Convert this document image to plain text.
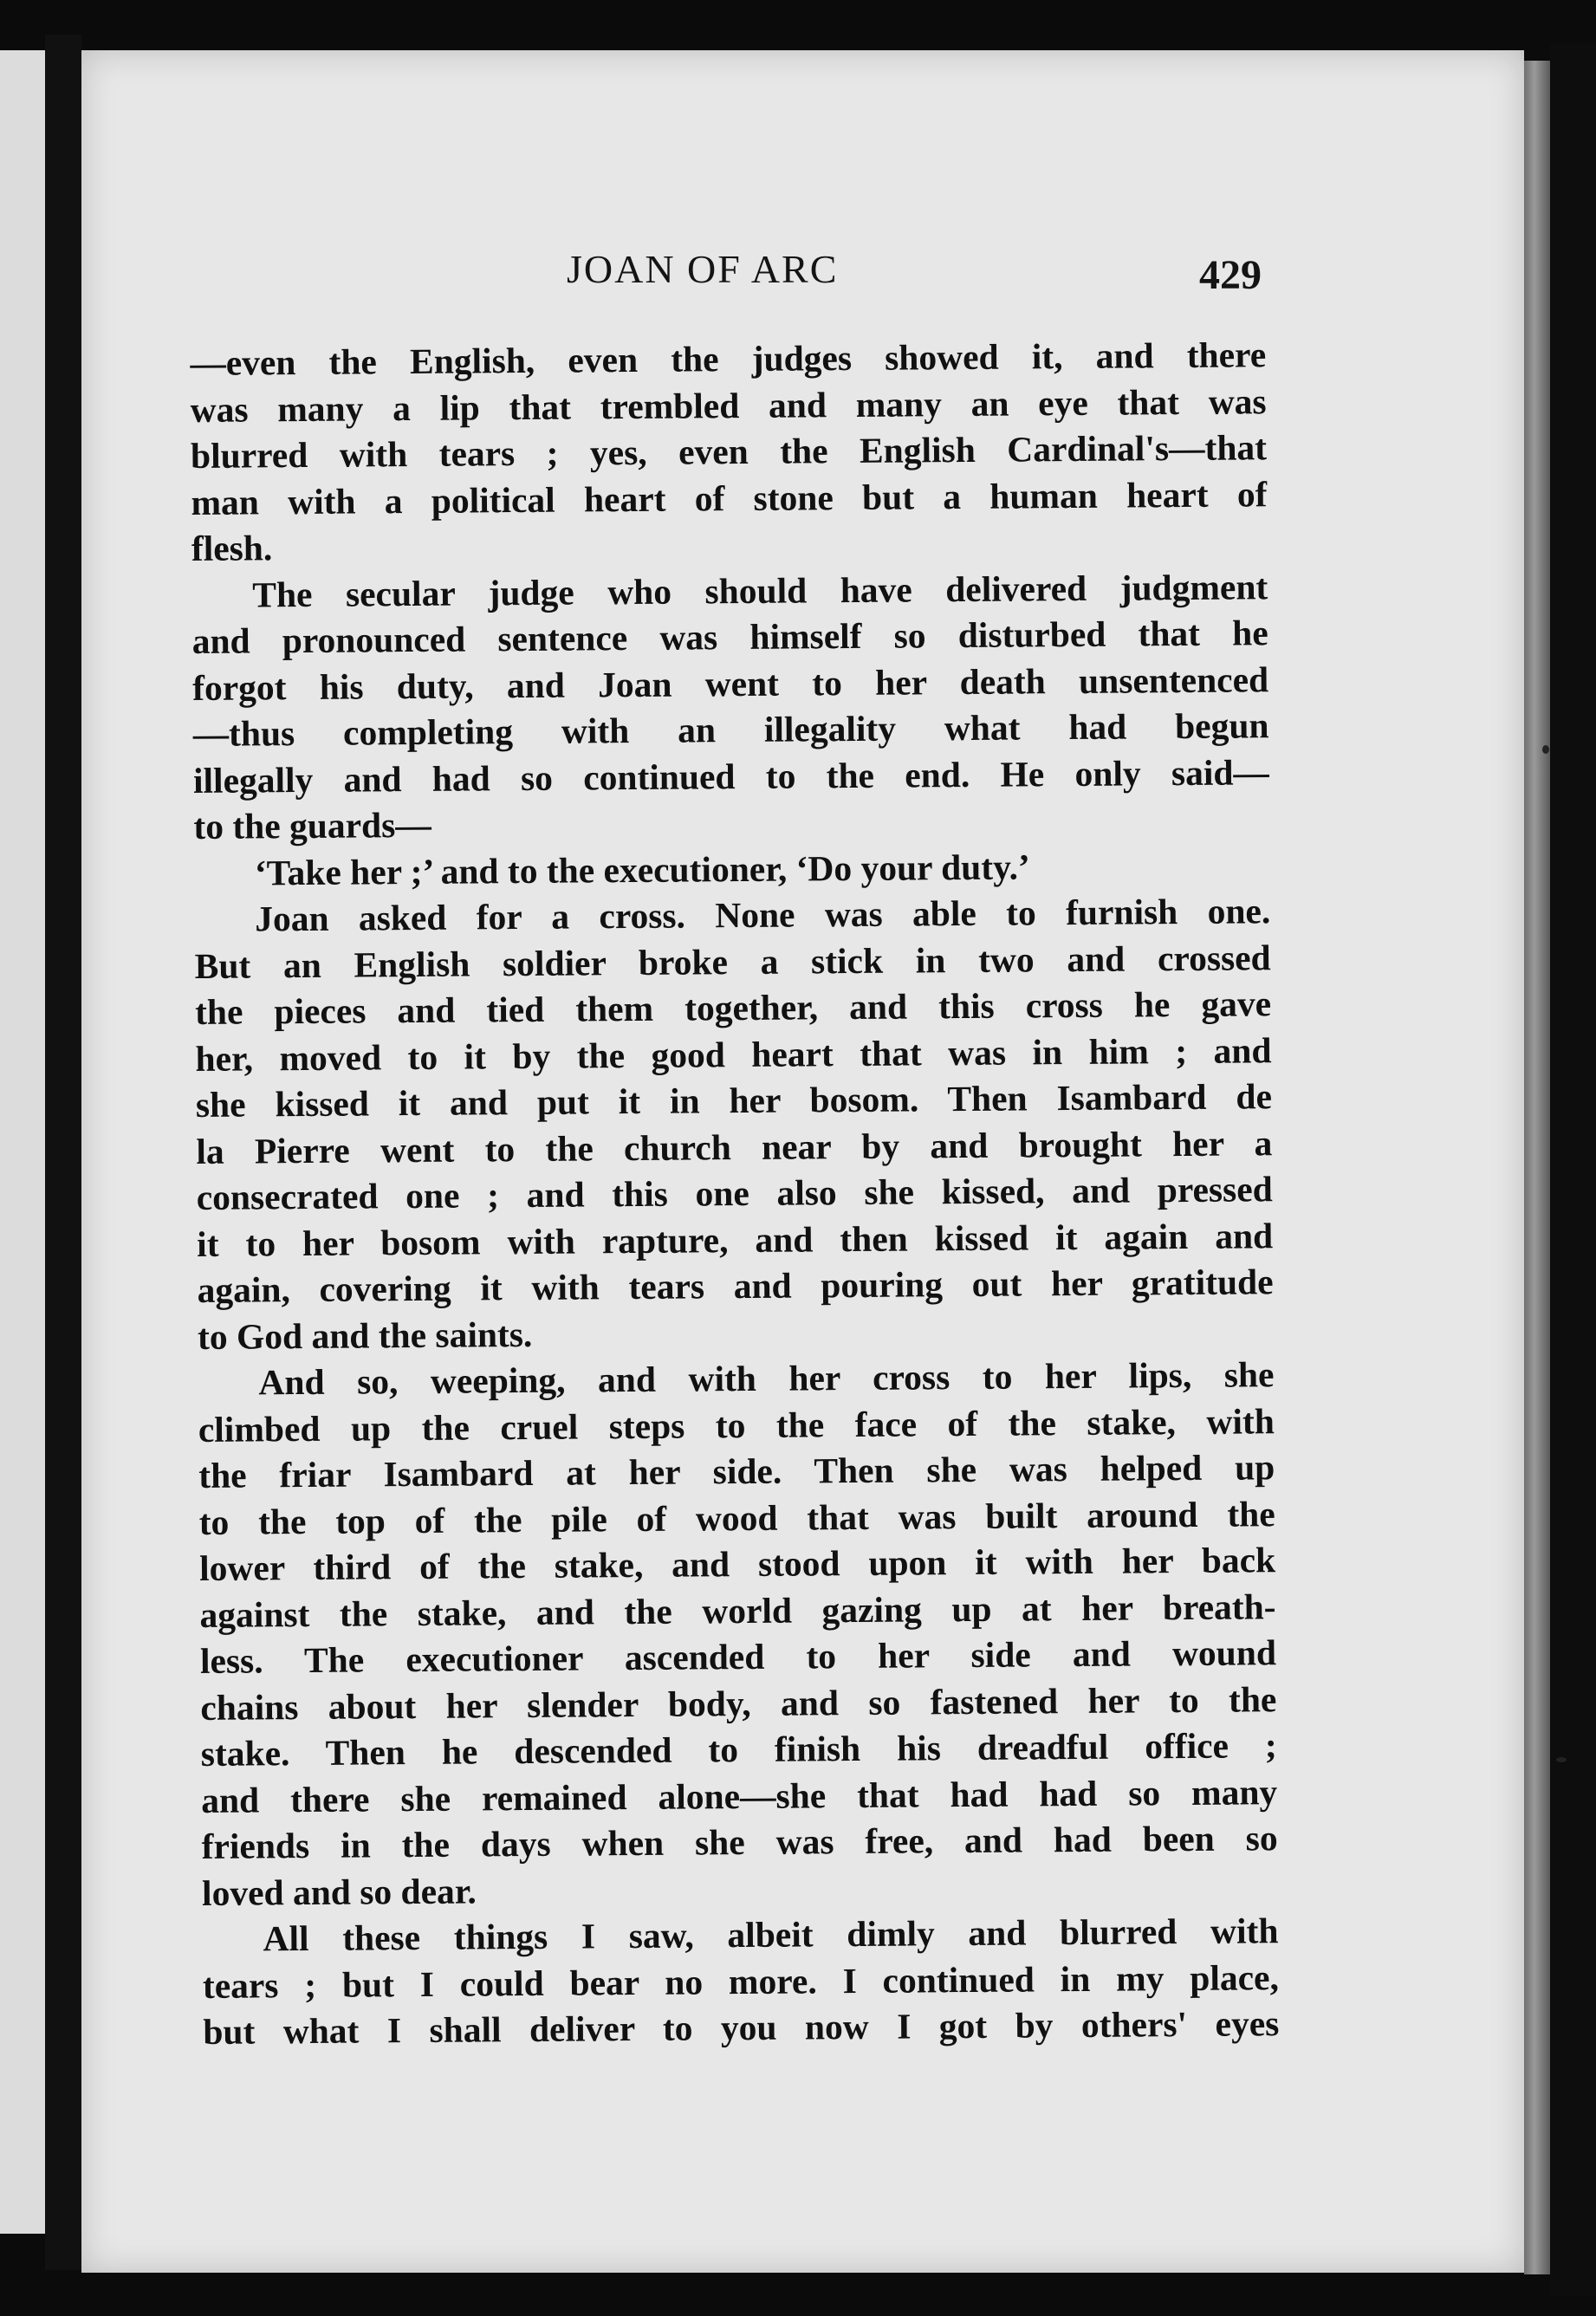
JOAN OF ARC	429
—even the English, even the judges showed it, and there
was many a lip that trembled and many an eye that was
blurred with tears ; yes, even the English Cardinal's—that
man with a political heart of stone but a human heart of
flesh.
The secular judge who should have delivered judgment
and pronounced sentence was himself so disturbed that he
forgot his duty, and Joan went to her death unsentenced
—thus completing with an illegality what had begun
illegally and had so continued to the end. He only said—
to the guards—
‘Take her ;’ and to the executioner, ‘Do your duty.’
Joan asked for a cross. None was able to furnish one.
But an English soldier broke a stick in two and crossed
the pieces and tied them together, and this cross he gave
her, moved to it by the good heart that was in him ; and
she kissed it and put it in her bosom. Then Isambard de
la Pierre went to the church near by and brought her a
consecrated one ; and this one also she kissed, and pressed
it to her bosom with rapture, and then kissed it again and
again, covering it with tears and pouring out her gratitude
to God and the saints.
And so, weeping, and with her cross to her lips, she
climbed up the cruel steps to the face of the stake, with
the friar Isambard at her side. Then she was helped up
to the top of the pile of wood that was built around the
lower third of the stake, and stood upon it with her back
against the stake, and the world gazing up at her breath-
less. The executioner ascended to her side and wound
chains about her slender body, and so fastened her to the
stake. Then he descended to finish his dreadful office ;
and there she remained alone—she that had had so many
friends in the days when she was free, and had been so
loved and so dear.
All these things I saw, albeit dimly and blurred with
tears ; but I could bear no more. I continued in my place,
but what I shall deliver to you now I got by others' eyes
